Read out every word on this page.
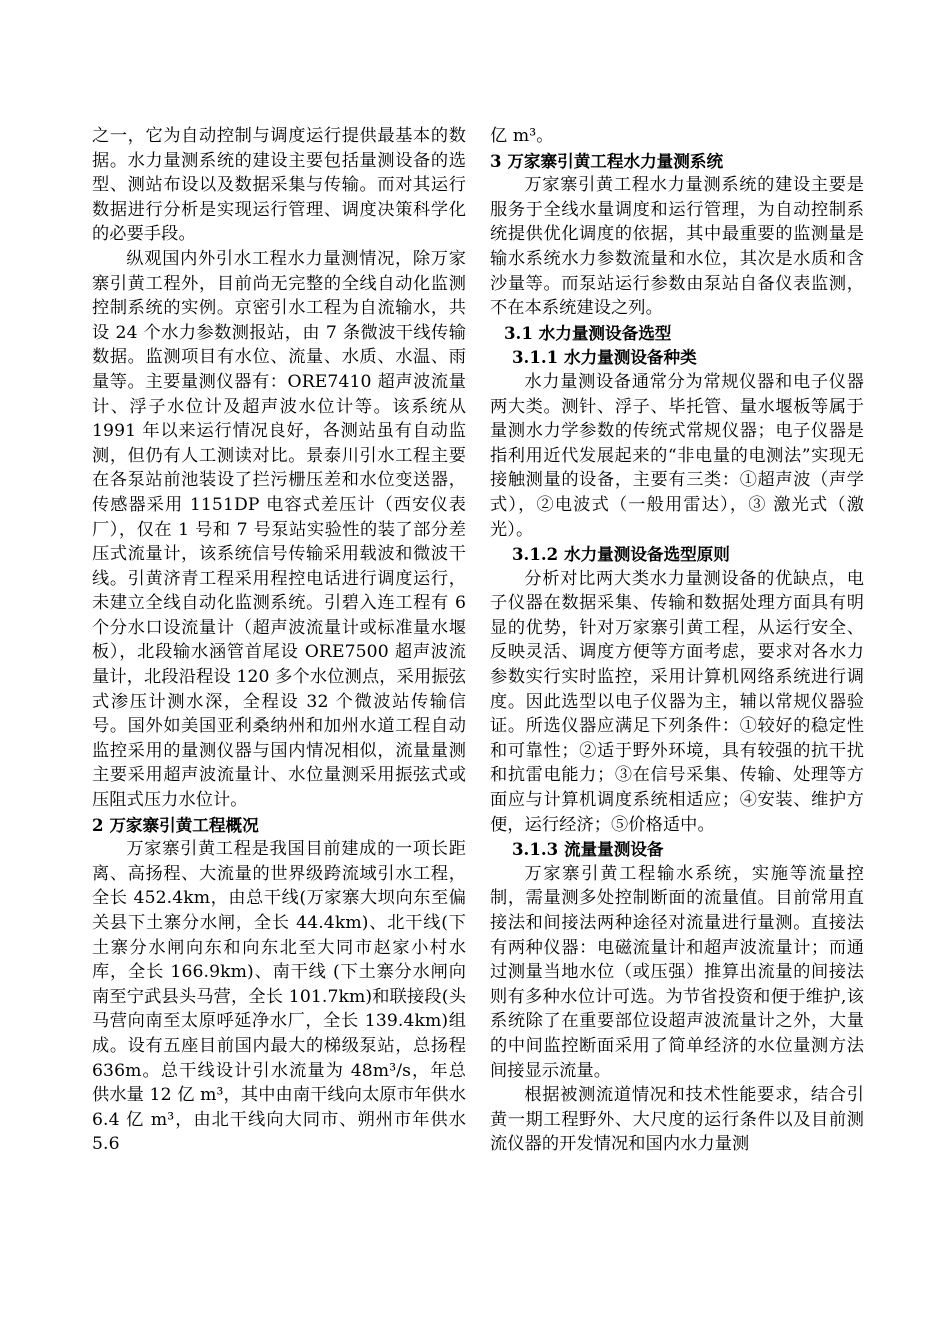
之一，它为自动控制与调度运行提供最基本的数据。水力量测系统的建设主要包括量测设备的选型、测站布设以及数据采集与传输。而对其运行数据进行分析是实现运行管理、调度决策科学化的必要手段。

纵观国内外引水工程水力量测情况，除万家寨引黄工程外，目前尚无完整的全线自动化监测控制系统的实例。京密引水工程为自流输水，共设 24 个水力参数测报站，由 7 条微波干线传输数据。监测项目有水位、流量、水质、水温、雨量等。主要量测仪器有：ORE7410 超声波流量计、浮子水位计及超声波水位计等。该系统从 1991 年以来运行情况良好，各测站虽有自动监测，但仍有人工测读对比。景泰川引水工程主要在各泵站前池装设了拦污栅压差和水位变送器，传感器采用 1151DP 电容式差压计（西安仪表厂），仅在 1 号和 7 号泵站实验性的装了部分差压式流量计，该系统信号传输采用载波和微波干线。引黄济青工程采用程控电话进行调度运行， 未建立全线自动化监测系统。引碧入连工程有 6 个分水口设流量计（超声波流量计或标准量水堰板），北段输水涵管首尾设 ORE7500 超声波流量计，北段沿程设 120 多个水位测点，采用振弦式渗压计测水深，全程设 32 个微波站传输信号。国外如美国亚利桑纳州和加州水道工程自动监控采用的量测仪器与国内情况相似，流量量测主要采用超声波流量计、水位量测采用振弦式或压阻式压力水位计。

2 万家寨引黄工程概况

万家寨引黄工程是我国目前建成的一项长距离、高扬程、大流量的世界级跨流域引水工程，全长 452.4km，由总干线(万家寨大坝向东至偏关县下土寨分水闸，全长 44.4km)、北干线(下土寨分水闸向东和向东北至大同市赵家小村水库，全长 166.9km)、南干线 (下土寨分水闸向南至宁武县头马营，全长 101.7km)和联接段(头马营向南至太原呼延净水厂，全长 139.4km)组成。设有五座目前国内最大的梯级泵站，总扬程 636m。总干线设计引水流量为 48m³/s，年总供水量 12 亿 m³，其中由南干线向太原市年供水 6.4 亿 m³，由北干线向大同市、朔州市年供水 5.6

亿 m³。

3 万家寨引黄工程水力量测系统

万家寨引黄工程水力量测系统的建设主要是服务于全线水量调度和运行管理，为自动控制系统提供优化调度的依据，其中最重要的监测量是输水系统水力参数流量和水位，其次是水质和含沙量等。而泵站运行参数由泵站自备仪表监测，不在本系统建设之列。

3.1 水力量测设备选型

3.1.1 水力量测设备种类

水力量测设备通常分为常规仪器和电子仪器两大类。测针、浮子、毕托管、量水堰板等属于量测水力学参数的传统式常规仪器；电子仪器是指利用近代发展起来的“非电量的电测法”实现无接触测量的设备，主要有三类：①超声波（声学式），②电波式（一般用雷达），③ 激光式（激光）。

3.1.2 水力量测设备选型原则

分析对比两大类水力量测设备的优缺点，电子仪器在数据采集、传输和数据处理方面具有明显的优势，针对万家寨引黄工程，从运行安全、反映灵活、调度方便等方面考虑，要求对各水力参数实行实时监控，采用计算机网络系统进行调度。因此选型以电子仪器为主，辅以常规仪器验证。所选仪器应满足下列条件：①较好的稳定性和可靠性；②适于野外环境，具有较强的抗干扰和抗雷电能力；③在信号采集、传输、处理等方面应与计算机调度系统相适应；④安装、维护方便，运行经济；⑤价格适中。

3.1.3 流量量测设备

万家寨引黄工程输水系统，实施等流量控制，需量测多处控制断面的流量值。目前常用直接法和间接法两种途径对流量进行量测。直接法有两种仪器：电磁流量计和超声波流量计；而通过测量当地水位（或压强）推算出流量的间接法则有多种水位计可选。为节省投资和便于维护,该系统除了在重要部位设超声波流量计之外，大量的中间监控断面采用了简单经济的水位量测方法间接显示流量。

根据被测流道情况和技术性能要求，结合引黄一期工程野外、大尺度的运行条件以及目前测流仪器的开发情况和国内水力量测
